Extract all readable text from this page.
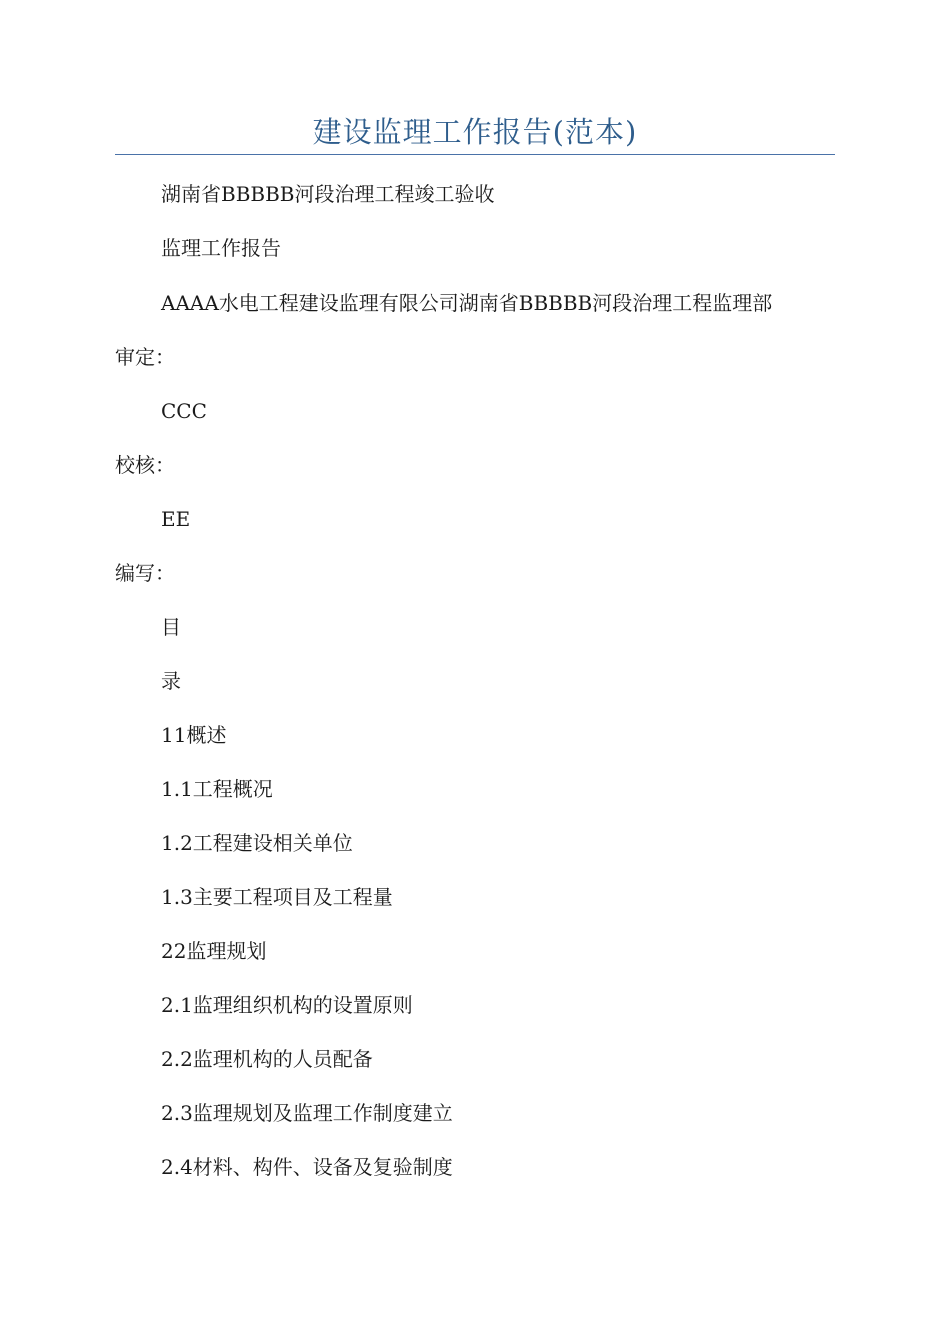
建设监理工作报告(范本)
湖南省BBBBB河段治理工程竣工验收
监理工作报告
AAAA水电工程建设监理有限公司湖南省BBBBB河段治理工程监理部
审定：
CCC
校核：
EE
编写：
目
录
11概述
1.1工程概况
1.2工程建设相关单位
1.3主要工程项目及工程量
22监理规划
2.1监理组织机构的设置原则
2.2监理机构的人员配备
2.3监理规划及监理工作制度建立
2.4材料、构件、设备及复验制度
